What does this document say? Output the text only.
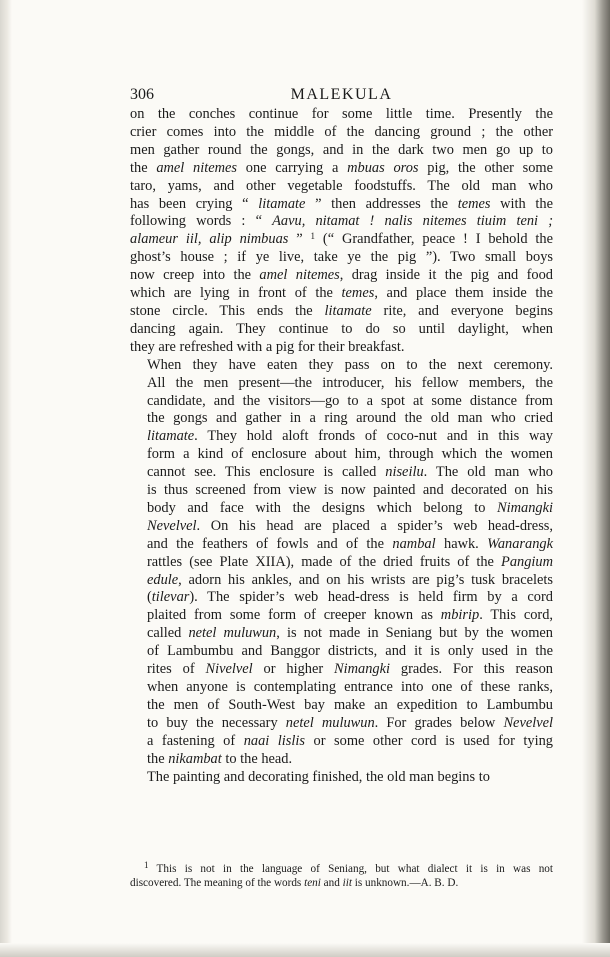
306	MALEKULA
on the conches continue for some little time. Presently the
crier comes into the middle of the dancing ground ; the other
men gather round the gongs, and in the dark two men go up to
the amel nitemes one carrying a mbuas oros pig, the other some
taro, yams, and other vegetable foodstuffs. The old man who
has been crying “ litamate ” then addresses the temes with the
following words : “ Aavu, nitamat ! nalis nitemes tiuim teni ;
alameur iil, alip nimbuas ” $^1$ (“ Grandfather, peace ! I behold the
ghost’s house ; if ye live, take ye the pig ”). Two small boys
now creep into the amel nitemes, drag inside it the pig and food
which are lying in front of the temes, and place them inside the
stone circle. This ends the litamate rite, and everyone begins
dancing again. They continue to do so until daylight, when
they are refreshed with a pig for their breakfast.
When they have eaten they pass on to the next ceremony.
All the men present—the introducer, his fellow members, the
candidate, and the visitors—go to a spot at some distance from
the gongs and gather in a ring around the old man who cried
litamate. They hold aloft fronds of coco-nut and in this way
form a kind of enclosure about him, through which the women
cannot see. This enclosure is called niseilu. The old man who
is thus screened from view is now painted and decorated on his
body and face with the designs which belong to Nimangki
Nevelvel. On his head are placed a spider’s web head-dress,
and the feathers of fowls and of the nambal hawk. Wanarangk
rattles (see Plate XIIA), made of the dried fruits of the Pangium
edule, adorn his ankles, and on his wrists are pig’s tusk bracelets
(tilevar). The spider’s web head-dress is held firm by a cord
plaited from some form of creeper known as mbirip. This cord,
called netel muluwun, is not made in Seniang but by the women
of Lambumbu and Banggor districts, and it is only used in the
rites of Nivelvel or higher Nimangki grades. For this reason
when anyone is contemplating entrance into one of these ranks,
the men of South-West bay make an expedition to Lambumbu
to buy the necessary netel muluwun. For grades below Nevelvel
a fastening of naai lislis or some other cord is used for tying
the nikambat to the head.
The painting and decorating finished, the old man begins to
$^1$ This is not in the language of Seniang, but what dialect it is in was not
discovered. The meaning of the words teni and iit is unknown.—A. B. D.
